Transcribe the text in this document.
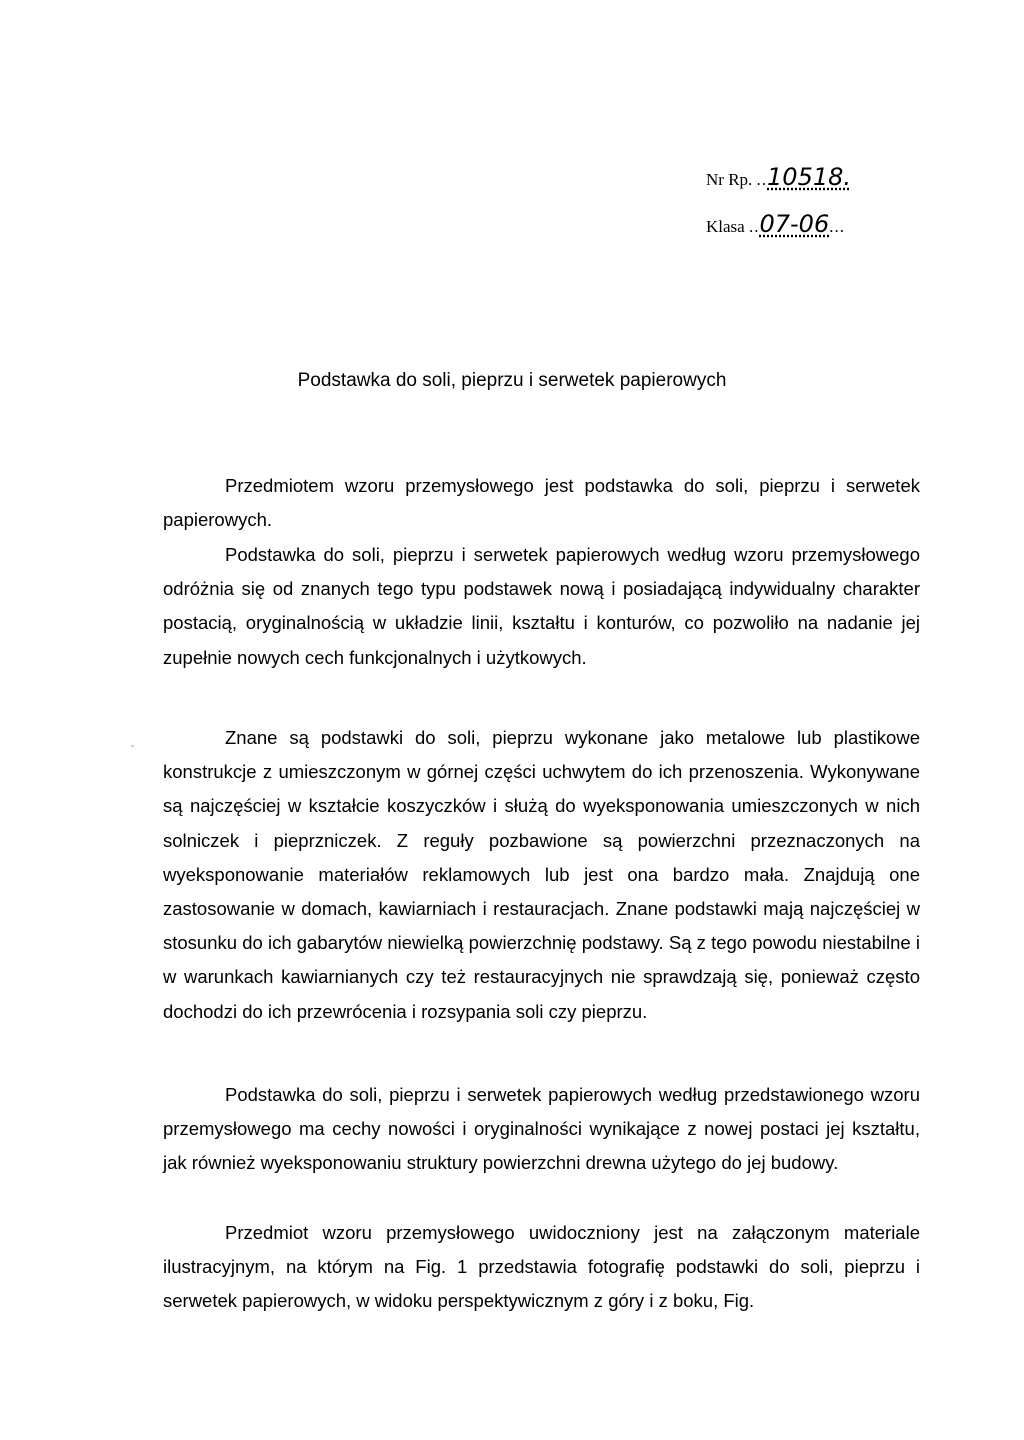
Nr Rp. ..10518.
Klasa ..07-06...
Podstawka do soli, pieprzu i serwetek papierowych

Przedmiotem wzoru przemysłowego jest podstawka do soli, pieprzu i serwetek papierowych.

Podstawka do soli, pieprzu i serwetek papierowych według wzoru przemysłowego odróżnia się od znanych tego typu podstawek nową i posiadającą indywidualny charakter postacią, oryginalnością w układzie linii, kształtu i konturów, co pozwoliło na nadanie jej zupełnie nowych cech funkcjonalnych i użytkowych.

Znane są podstawki do soli, pieprzu wykonane jako metalowe lub plastikowe konstrukcje z umieszczonym w górnej części uchwytem do ich przenoszenia. Wykonywane są najczęściej w kształcie koszyczków i służą do wyeksponowania umieszczonych w nich solniczek i pieprzniczek. Z reguły pozbawione są powierzchni przeznaczonych na wyeksponowanie materiałów reklamowych lub jest ona bardzo mała. Znajdują one zastosowanie w domach, kawiarniach i restauracjach. Znane podstawki mają najczęściej w stosunku do ich gabarytów niewielką powierzchnię podstawy. Są z tego powodu niestabilne i w warunkach kawiarnianych czy też restauracyjnych nie sprawdzają się, ponieważ często dochodzi do ich przewrócenia i rozsypania soli czy pieprzu.

Podstawka do soli, pieprzu i serwetek papierowych według przedstawionego wzoru przemysłowego ma cechy nowości i oryginalności wynikające z nowej postaci jej kształtu, jak również wyeksponowaniu struktury powierzchni drewna użytego do jej budowy.

Przedmiot wzoru przemysłowego uwidoczniony jest na załączonym materiale ilustracyjnym, na którym na Fig. 1 przedstawia fotografię podstawki do soli, pieprzu i serwetek papierowych, w widoku perspektywicznym z góry i z boku, Fig.
